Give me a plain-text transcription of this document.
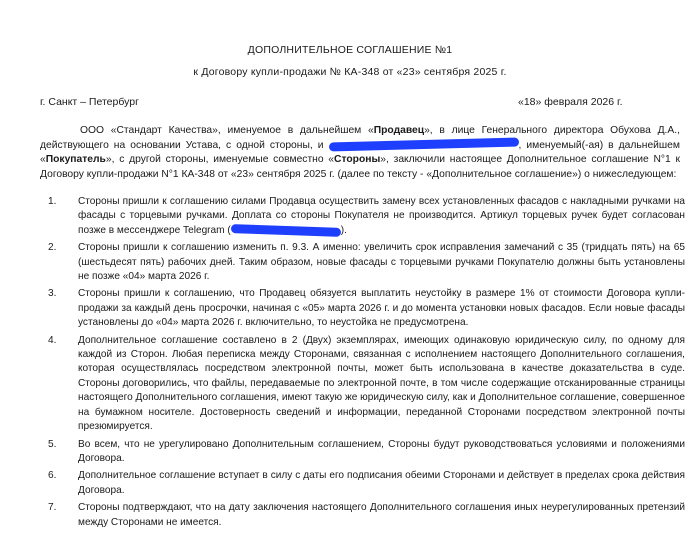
ДОПОЛНИТЕЛЬНОЕ СОГЛАШЕНИЕ №1
к Договору купли-продажи № КА-348 от «23» сентября 2025 г.
г. Санкт – Петербург	«18» февраля 2026 г.
ООО «Стандарт Качества», именуемое в дальнейшем «Продавец», в лице Генерального директора Обухова Д.А., действующего на основании Устава, с одной стороны, и	, именуемый(-ая) в дальнейшем «Покупатель», с другой стороны, именуемые совместно «Стороны», заключили настоящее Дополнительное соглашение N°1 к Договору купли-продажи N°1 КА-348 от «23» сентября 2025 г. (далее по тексту - «Дополнительное соглашение») о нижеследующем:
1. Стороны пришли к соглашению силами Продавца осуществить замену всех установленных фасадов с накладными ручками на фасады с торцевыми ручками. Доплата со стороны Покупателя не производится. Артикул торцевых ручек будет согласован позже в мессенджере Telegram (	).
2. Стороны пришли к соглашению изменить п. 9.3. А именно: увеличить срок исправления замечаний с 35 (тридцать пять) на 65 (шестьдесят пять) рабочих дней. Таким образом, новые фасады с торцевыми ручками Покупателю должны быть установлены не позже «04» марта 2026 г.
3. Стороны пришли к соглашению, что Продавец обязуется выплатить неустойку в размере 1% от стоимости Договора купли-продажи за каждый день просрочки, начиная с «05» марта 2026 г. и до момента установки новых фасадов. Если новые фасады установлены до «04» марта 2026 г. включительно, то неустойка не предусмотрена.
4. Дополнительное соглашение составлено в 2 (Двух) экземплярах, имеющих одинаковую юридическую силу, по одному для каждой из Сторон. Любая переписка между Сторонами, связанная с исполнением настоящего Дополнительного соглашения, которая осуществлялась посредством электронной почты, может быть использована в качестве доказательства в суде. Стороны договорились, что файлы, передаваемые по электронной почте, в том числе содержащие отсканированные страницы настоящего Дополнительного соглашения, имеют такую же юридическую силу, как и Дополнительное соглашение, совершенное на бумажном носителе. Достоверность сведений и информации, переданной Сторонами посредством электронной почты презюмируется.
5. Во всем, что не урегулировано Дополнительным соглашением, Стороны будут руководствоваться условиями и положениями Договора.
6. Дополнительное соглашение вступает в силу с даты его подписания обеими Сторонами и действует в пределах срока действия Договора.
7. Стороны подтверждают, что на дату заключения настоящего Дополнительного соглашения иных неурегулированных претензий между Сторонами не имеется.
